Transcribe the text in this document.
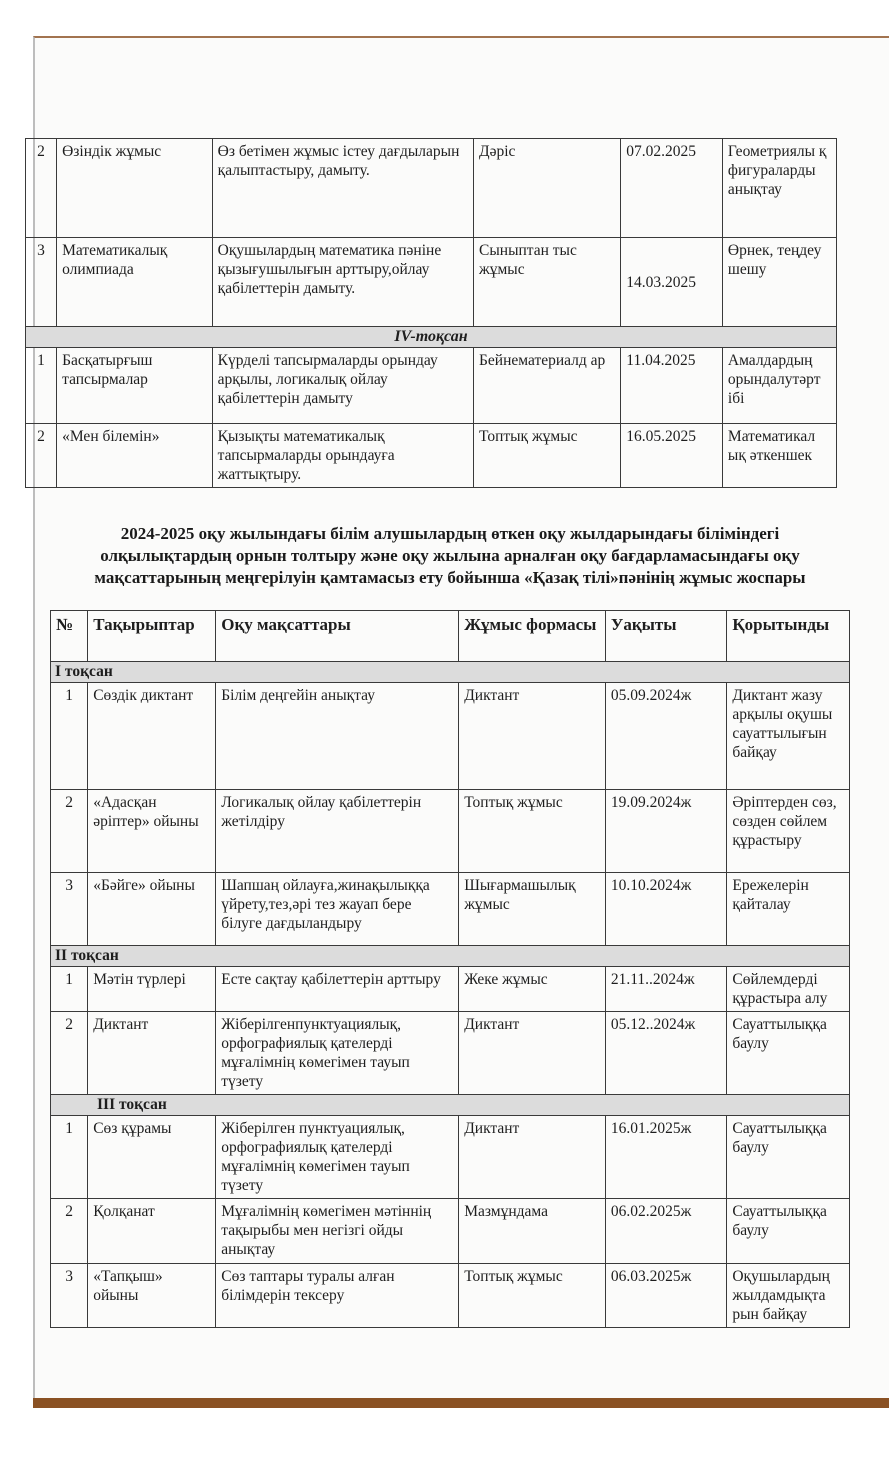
2	Өзіндік жұмыс	Өз бетімен жұмыс істеу дағдыларын қалыптастыру, дамыту.	Дәріс	07.02.2025	Геометриялы қ фигураларды анықтау
3	Математикалық олимпиада	Оқушылардың математика пәніне қызығушылығын арттыру,ойлау қабілеттерін дамыту.	Сыныптан тыс жұмыс	14.03.2025	Өрнек, теңдеу шешу
IV-тоқсан					
1	Басқатырғыш тапсырмалар	Күрделі тапсырмаларды орындау арқылы, логикалық ойлау қабілеттерін дамыту	Бейнематериалд ар	11.04.2025	Амалдардың орындалутәрт ібі
2	«Мен білемін»	Қызықты математикалық тапсырмаларды орындауға жаттықтыру.	Топтық жұмыс	16.05.2025	Математикал ық әткеншек
2024-2025 оқу жылындағы білім алушылардың өткен оқу жылдарындағы біліміндегі олқылықтардың орнын толтыру және оқу жылына арналған оқу бағдарламасындағы оқу мақсаттарының меңгерілуін қамтамасыз ету бойынша «Қазақ тілі»пәнінің жұмыс жоспары
№	Тақырыптар	Оқу мақсаттары	Жұмыс формасы	Уақыты	Қорытынды
I тоқсан					
1	Сөздік диктант	Білім деңгейін анықтау	Диктант	05.09.2024ж	Диктант жазу арқылы оқушы сауаттылығын байқау
2	«Адасқан әріптер» ойыны	Логикалық ойлау қабілеттерін жетілдіру	Топтық жұмыс	19.09.2024ж	Әріптерден сөз, сөзден сөйлем құрастыру
3	«Бәйге» ойыны	Шапшаң ойлауға,жинақылыққа үйрету,тез,әрі тез жауап бере білуге дағдыландыру	Шығармашылық жұмыс	10.10.2024ж	Ережелерін қайталау
II тоқсан					
1	Мәтін түрлері	Есте сақтау қабілеттерін арттыру	Жеке жұмыс	21.11..2024ж	Сөйлемдерді құрастыра алу
2	Диктант	Жіберілгенпунктуациялық, орфографиялық қателерді мұғалімнің көмегімен тауып түзету	Диктант	05.12..2024ж	Сауаттылыққа баулу
III тоқсан					
1	Сөз құрамы	Жіберілген пунктуациялық, орфографиялық қателерді мұғалімнің көмегімен тауып түзету	Диктант	16.01.2025ж	Сауаттылыққа баулу
2	Қолқанат	Мұғалімнің көмегімен мәтіннің тақырыбы мен негізгі ойды анықтау	Мазмұндама	06.02.2025ж	Сауаттылыққа баулу
3	«Тапқыш» ойыны	Сөз таптары туралы алған білімдерін тексеру	Топтық жұмыс	06.03.2025ж	Оқушылардың жылдамдықта рын байқау
